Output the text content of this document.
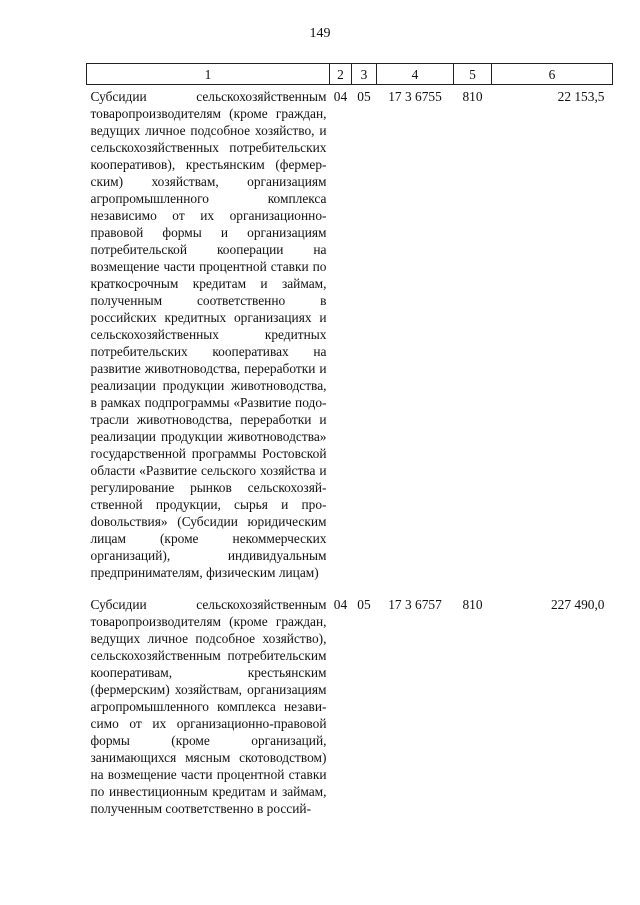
149
1	2	3	4	5	6
Субсидии сельскохозяйственным товаропроизводителям (кроме граждан, ведущих личное подсобное хозяйство, и сельскохозяйственных потребительских кооперативов), крестьянским (фермерским) хозяйствам, организациям агропромышленного комплекса независимо от их организационно-правовой формы и организациям потребительской кооперации на возмещение части процентной ставки по краткосрочным кредитам и займам, полученным соответственно в российских кредитных организациях и сельскохозяйственных кредитных потребительских кооперативах на развитие животноводства, переработки и реализации продукции животноводства, в рамках подпрограммы «Развитие подотрасли животноводства, переработки и реализации продукции животноводства» государственной программы Ростовской области «Развитие сельского хозяйства и регулирование рынков сельскохозяйственной продукции, сырья и проdовольствия» (Субсидии юридическим лицам (кроме некоммерческих организаций), индивидуальным предпринимателям, физическим лицам)	04	05	17 3 6755	810	22 153,5
Субсидии сельскохозяйственным товаропроизводителям (кроме граждан, ведущих личное подсобное хозяйство), сельскохозяйственным потребительским кооперативам, крестьянским (фермерским) хозяйствам, организациям агропромышленного комплекса независимо от их организационно-правовой формы (кроме организаций, занимающихся мясным скотоводством) на возмещение части процентной ставки по инвестиционным кредитам и займам, полученным соответственно в россий-	04	05	17 3 6757	810	227 490,0
